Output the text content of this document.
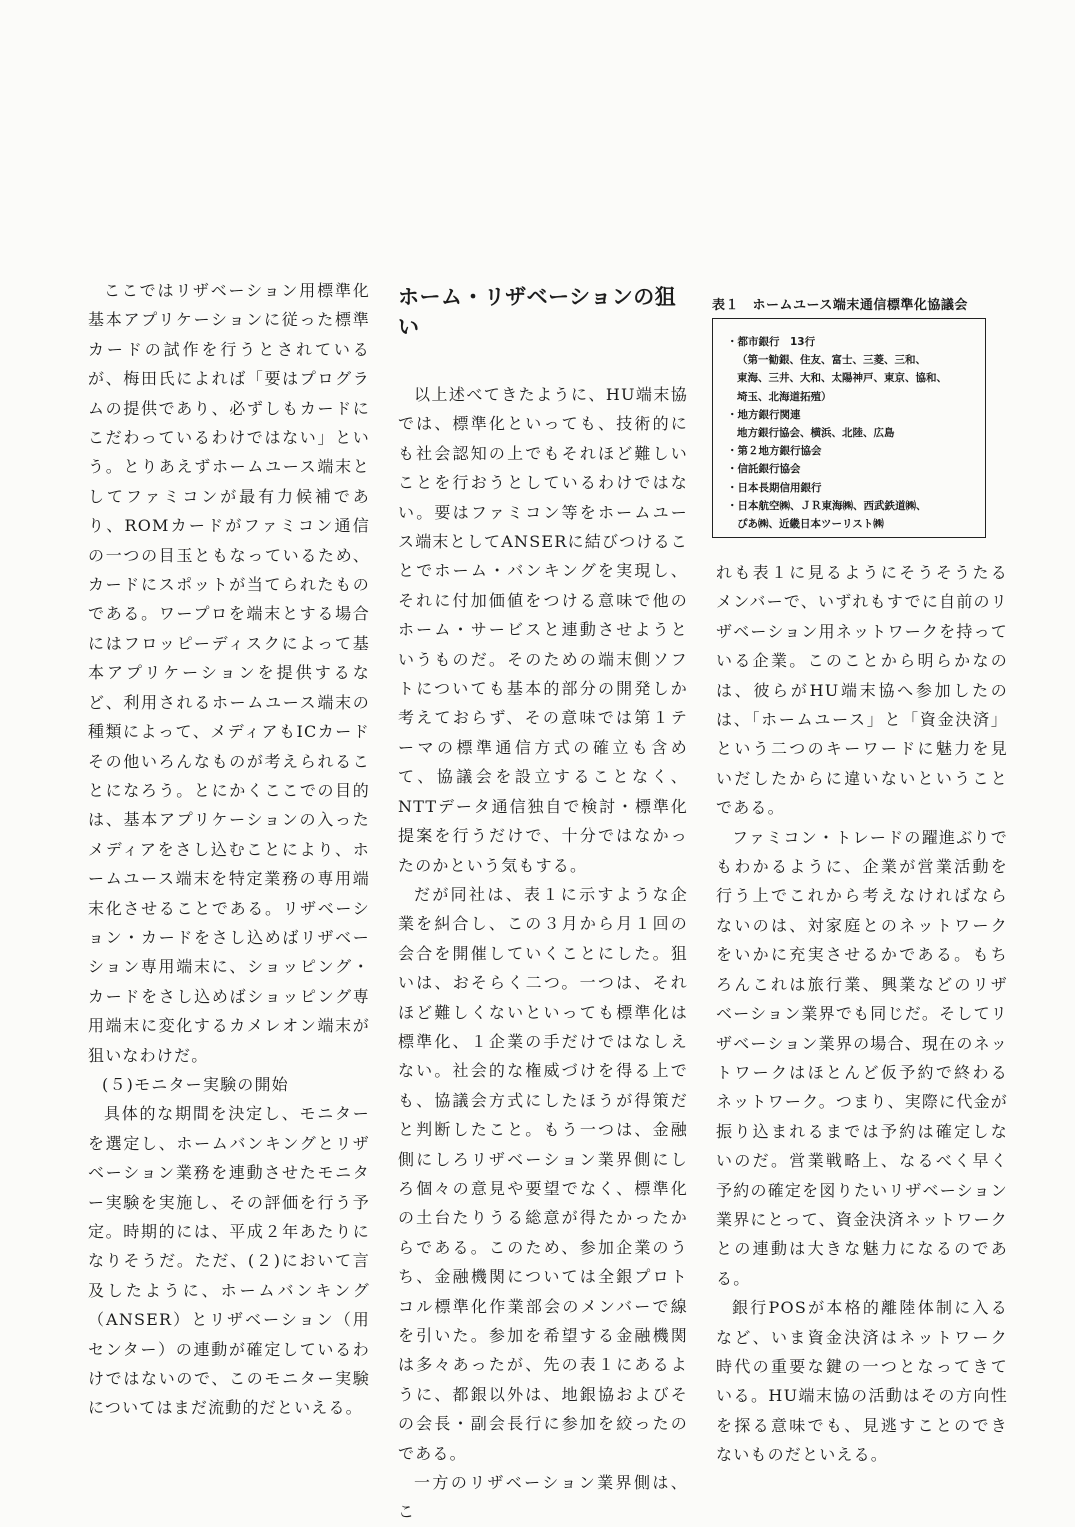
ここではリザベーション用標準化基本アプリケーションに従った標準カードの試作を行うとされているが、梅田氏によれば「要はプログラムの提供であり、必ずしもカードにこだわっているわけではない」という。とりあえずホームユース端末としてファミコンが最有力候補であり、ROMカードがファミコン通信の一つの目玉ともなっているため、カードにスポットが当てられたものである。ワープロを端末とする場合にはフロッピーディスクによって基本アプリケーションを提供するなど、利用されるホームユース端末の種類によって、メディアもICカードその他いろんなものが考えられることになろう。とにかくここでの目的は、基本アプリケーションの入ったメディアをさし込むことにより、ホームユース端末を特定業務の専用端末化させることである。リザベーション・カードをさし込めばリザベーション専用端末に、ショッピング・カードをさし込めばショッピング専用端末に変化するカメレオン端末が狙いなわけだ。

(５)モニター実験の開始

具体的な期間を決定し、モニターを選定し、ホームバンキングとリザベーション業務を連動させたモニター実験を実施し、その評価を行う予定。時期的には、平成２年あたりになりそうだ。ただ、(２)において言及したように、ホームバンキング（ANSER）とリザベーション（用センター）の連動が確定しているわけではないので、このモニター実験についてはまだ流動的だといえる。

ホーム・リザベーションの狙い

以上述べてきたように、HU端末協では、標準化といっても、技術的にも社会認知の上でもそれほど難しいことを行おうとしているわけではない。要はファミコン等をホームユース端末としてANSERに結びつけることでホーム・バンキングを実現し、それに付加価値をつける意味で他のホーム・サービスと連動させようというものだ。そのための端末側ソフトについても基本的部分の開発しか考えておらず、その意味では第１テーマの標準通信方式の確立も含めて、協議会を設立することなく、NTTデータ通信独自で検討・標準化提案を行うだけで、十分ではなかったのかという気もする。

だが同社は、表１に示すような企業を糾合し、この３月から月１回の会合を開催していくことにした。狙いは、おそらく二つ。一つは、それほど難しくないといっても標準化は標準化、１企業の手だけではなしえない。社会的な権威づけを得る上でも、協議会方式にしたほうが得策だと判断したこと。もう一つは、金融側にしろリザベーション業界側にしろ個々の意見や要望でなく、標準化の土台たりうる総意が得たかったからである。このため、参加企業のうち、金融機関については全銀プロトコル標準化作業部会のメンバーで線を引いた。参加を希望する金融機関は多々あったが、先の表１にあるように、都銀以外は、地銀協およびその会長・副会長行に参加を絞ったのである。

一方のリザベーション業界側は、こ

表１　ホームユース端末通信標準化協議会
・都市銀行　13行
（第一勧銀、住友、富士、三菱、三和、
東海、三井、大和、太陽神戸、東京、協和、
埼玉、北海道拓殖）
・地方銀行関連
地方銀行協会、横浜、北陸、広島
・第２地方銀行協会
・信託銀行協会
・日本長期信用銀行
・日本航空㈱、ＪＲ東海㈱、西武鉄道㈱、
ぴあ㈱、近畿日本ツーリスト㈱

れも表１に見るようにそうそうたるメンバーで、いずれもすでに自前のリザベーション用ネットワークを持っている企業。このことから明らかなのは、彼らがHU端末協へ参加したのは、「ホームユース」と「資金決済」という二つのキーワードに魅力を見いだしたからに違いないということである。

ファミコン・トレードの躍進ぶりでもわかるように、企業が営業活動を行う上でこれから考えなければならないのは、対家庭とのネットワークをいかに充実させるかである。もちろんこれは旅行業、興業などのリザベーション業界でも同じだ。そしてリザベーション業界の場合、現在のネットワークはほとんど仮予約で終わるネットワーク。つまり、実際に代金が振り込まれるまでは予約は確定しないのだ。営業戦略上、なるべく早く予約の確定を図りたいリザベーション業界にとって、資金決済ネットワークとの連動は大きな魅力になるのである。

銀行POSが本格的離陸体制に入るなど、いま資金決済はネットワーク時代の重要な鍵の一つとなってきている。HU端末協の活動はその方向性を探る意味でも、見逃すことのできないものだといえる。
